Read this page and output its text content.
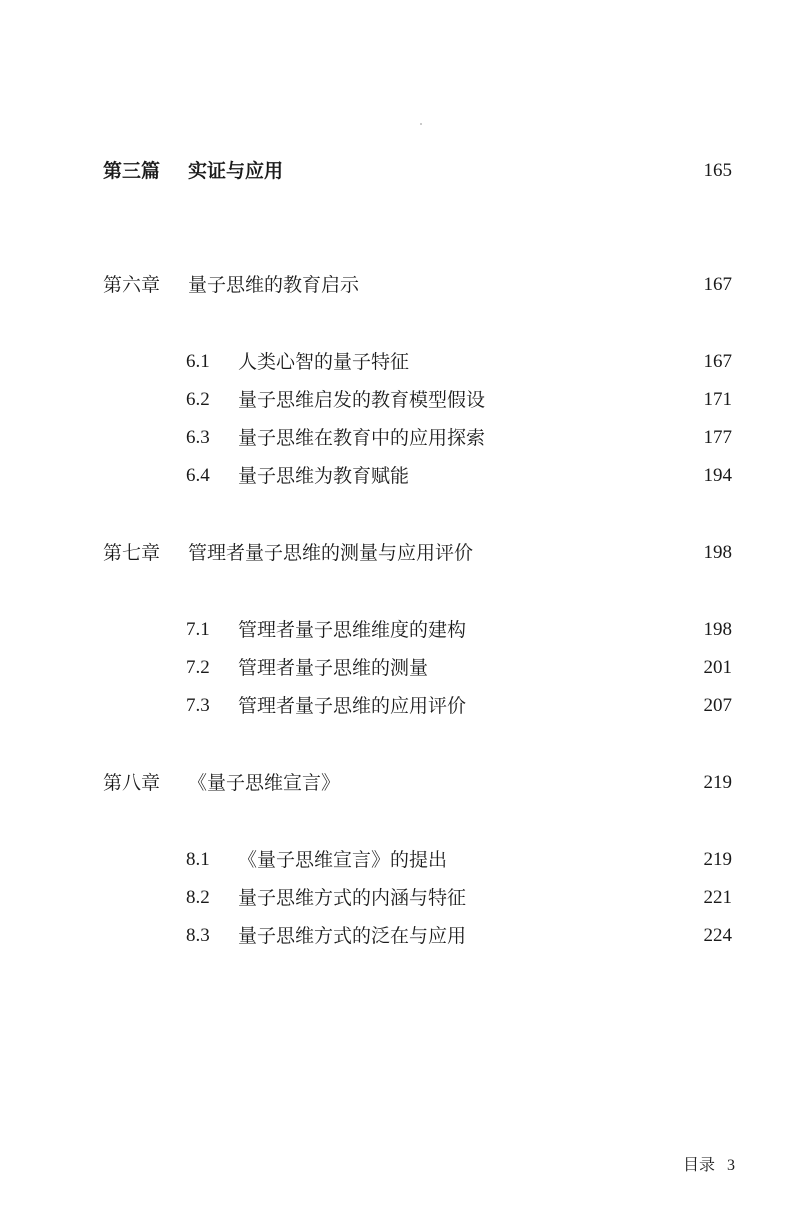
第三篇 实证与应用	165
第六章 量子思维的教育启示	167
6.1 人类心智的量子特征	167
6.2 量子思维启发的教育模型假设	171
6.3 量子思维在教育中的应用探索	177
6.4 量子思维为教育赋能	194
第七章 管理者量子思维的测量与应用评价	198
7.1 管理者量子思维维度的建构	198
7.2 管理者量子思维的测量	201
7.3 管理者量子思维的应用评价	207
第八章 《量子思维宣言》	219
8.1 《量子思维宣言》的提出	219
8.2 量子思维方式的内涵与特征	221
8.3 量子思维方式的泛在与应用	224
目录 3
